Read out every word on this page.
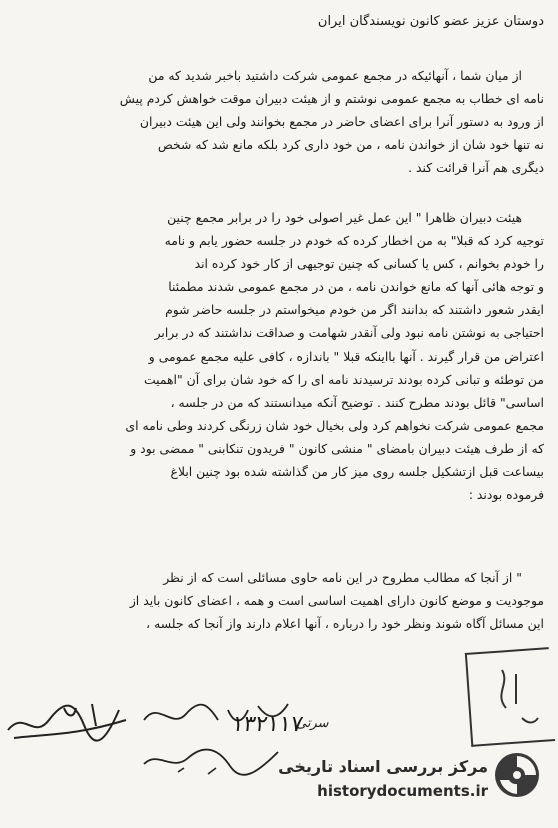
دوستان عزیز عضو کانون نویسندگان ایران
از میان شما ، آنهائیکه در مجمع عمومی شرکت داشتید باخبر شدید که من
نامه ای خطاب به مجمع عمومی نوشتم و از هیئت دبیران موقت خواهش کردم پیش
از ورود به دستور آنرا برای اعضای حاضر در مجمع بخوانند ولی این هیئت دبیران
نه تنها خود شان از خواندن نامه ، من خود داری کرد بلکه مانع شد که شخص
دیگری هم آنرا قرائت کند .
هیئت دبیران ظاهرا " این عمل غیر اصولی خود را در برابر مجمع چنین
توجیه کرد که قبلا" به من اخطار کرده که خودم در جلسه حضور یابم و نامه
را خودم بخوانم ، کس یا کسانی که چنین توجیهی از کار خود کرده اند
و توجه هائی آنها که مانع خواندن نامه ، من در مجمع عمومی شدند مطمئنا
ایقدر شعور داشتند که بدانند اگر من خودم میخواستم در جلسه حاضر شوم
احتیاجی به نوشتن نامه نبود ولی آنقدر شهامت و صداقت نداشتند که در برابر
اعتراض من قرار گیرند . آنها بااینکه قبلا " باندازه ، کافی علیه مجمع عمومی و
من توطئه و تبانی کرده بودند ترسیدند نامه ای را که خود شان برای آن "اهمیت
اساسی" قائل بودند مطرح کنند . توضیح آنکه میدانستند که من در جلسه ،
مجمع عمومی شرکت نخواهم کرد ولی بخیال خود شان زرنگی کردند وطی نامه ای
که از طرف هیئت دبیران بامضای " منشی کانون " فریدون تنکابنی " ممضی بود و
بیساعت قبل ازتشکیل جلسه روی میز کار من گذاشته شده بود چنین ابلاغ
فرموده بودند :
" از آنجا که مطالب مطروح در این نامه حاوی مسائلی است که از نظر
موجودیت و موضع کانون دارای اهمیت اساسی است و همه ، اعضای کانون باید از
این مسائل آگاه شوند ونظر خود را درباره ، آنها اعلام دارند واز آنجا که جلسه ،
۱۳۲۱۱۷
سرتی
مرکز بررسی اسناد تاریخی
historydocuments.ir
